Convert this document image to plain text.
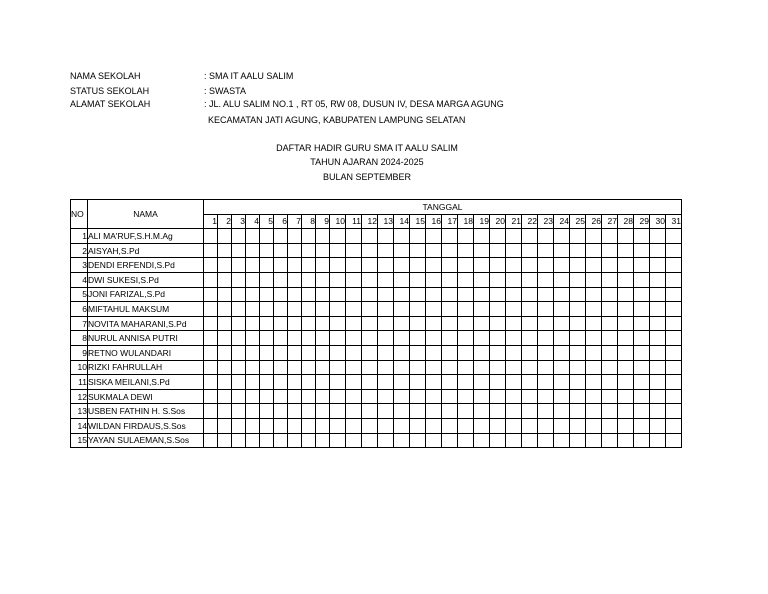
NAMA SEKOLAH	: SMA IT AALU SALIM
STATUS SEKOLAH	: SWASTA
ALAMAT SEKOLAH	: JL. ALU SALIM NO.1 , RT 05, RW 08, DUSUN IV, DESA MARGA AGUNG
KECAMATAN JATI AGUNG, KABUPATEN LAMPUNG SELATAN
DAFTAR HADIR GURU SMA IT AALU SALIM
TAHUN AJARAN 2024-2025
BULAN SEPTEMBER
NO	NAMA	TANGGAL																														
		1	2	3	4	5	6	7	8	9	10	11	12	13	14	15	16	17	18	19	20	21	22	23	24	25	26	27	28	29	30	31
1	ALI MA'RUF,S.H.M.Ag																															
2	AISYAH,S.Pd																															
3	DENDI ERFENDI,S.Pd																															
4	DWI SUKESI,S.Pd																															
5	JONI FARIZAL,S.Pd																															
6	MIFTAHUL MAKSUM																															
7	NOVITA MAHARANI,S.Pd																															
8	NURUL ANNISA PUTRI																															
9	RETNO WULANDARI																															
10	RIZKI FAHRULLAH																															
11	SISKA MEILANI,S.Pd																															
12	SUKMALA DEWI																															
13	USBEN FATHIN H. S.Sos																															
14	WILDAN FIRDAUS,S.Sos																															
15	YAYAN SULAEMAN,S.Sos																															
